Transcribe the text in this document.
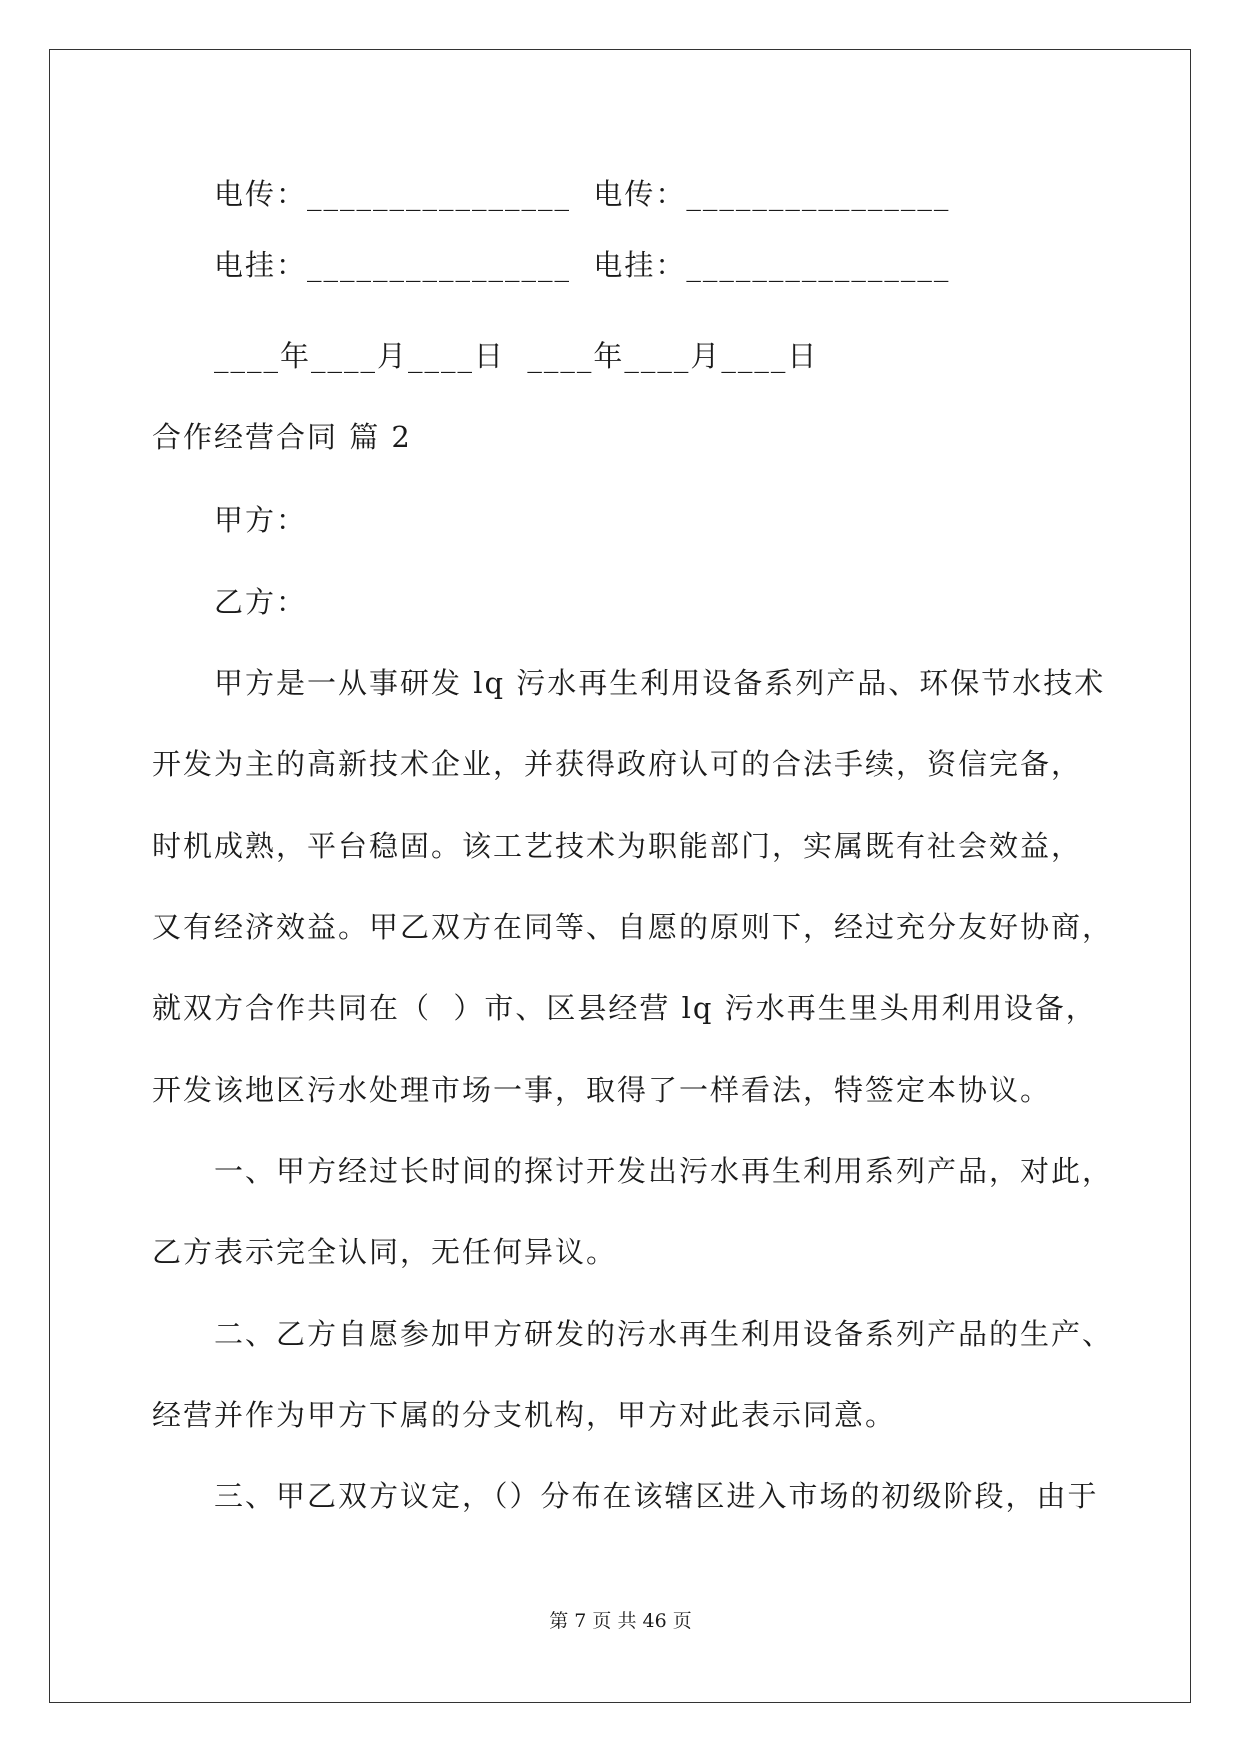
电传：________________  电传：________________
电挂：________________  电挂：________________
____年____月____日  ____年____月____日
合作经营合同 篇 2
甲方：
乙方：
甲方是一从事研发 lq 污水再生利用设备系列产品、环保节水技术
开发为主的高新技术企业，并获得政府认可的合法手续，资信完备，
时机成熟，平台稳固。该工艺技术为职能部门，实属既有社会效益，
又有经济效益。甲乙双方在同等、自愿的原则下，经过充分友好协商，
就双方合作共同在（  ）市、区县经营 lq 污水再生里头用利用设备，
开发该地区污水处理市场一事，取得了一样看法，特签定本协议。
一、甲方经过长时间的探讨开发出污水再生利用系列产品，对此，
乙方表示完全认同，无任何异议。
二、乙方自愿参加甲方研发的污水再生利用设备系列产品的生产、
经营并作为甲方下属的分支机构，甲方对此表示同意。
三、甲乙双方议定，（）分布在该辖区进入市场的初级阶段，由于
第 7 页 共 46 页
